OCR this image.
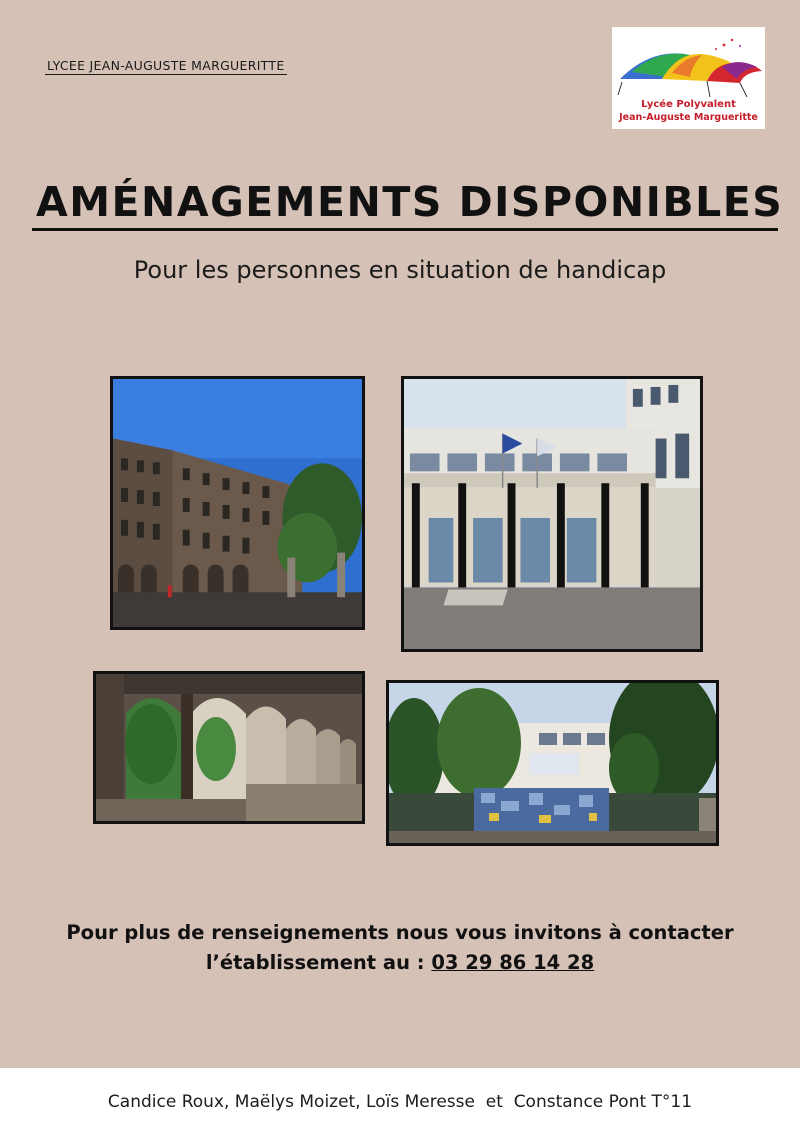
LYCEE JEAN-AUGUSTE MARGUERITTE
Lycée Polyvalent
Jean-Auguste Margueritte
AMÉNAGEMENTS DISPONIBLES
Pour les personnes en situation de handicap
Pour plus de renseignements nous vous invitons à contacter
l’établissement au : 03 29 86 14 28
Candice Roux, Maëlys Moizet, Loïs Meresse  et  Constance Pont T°11
